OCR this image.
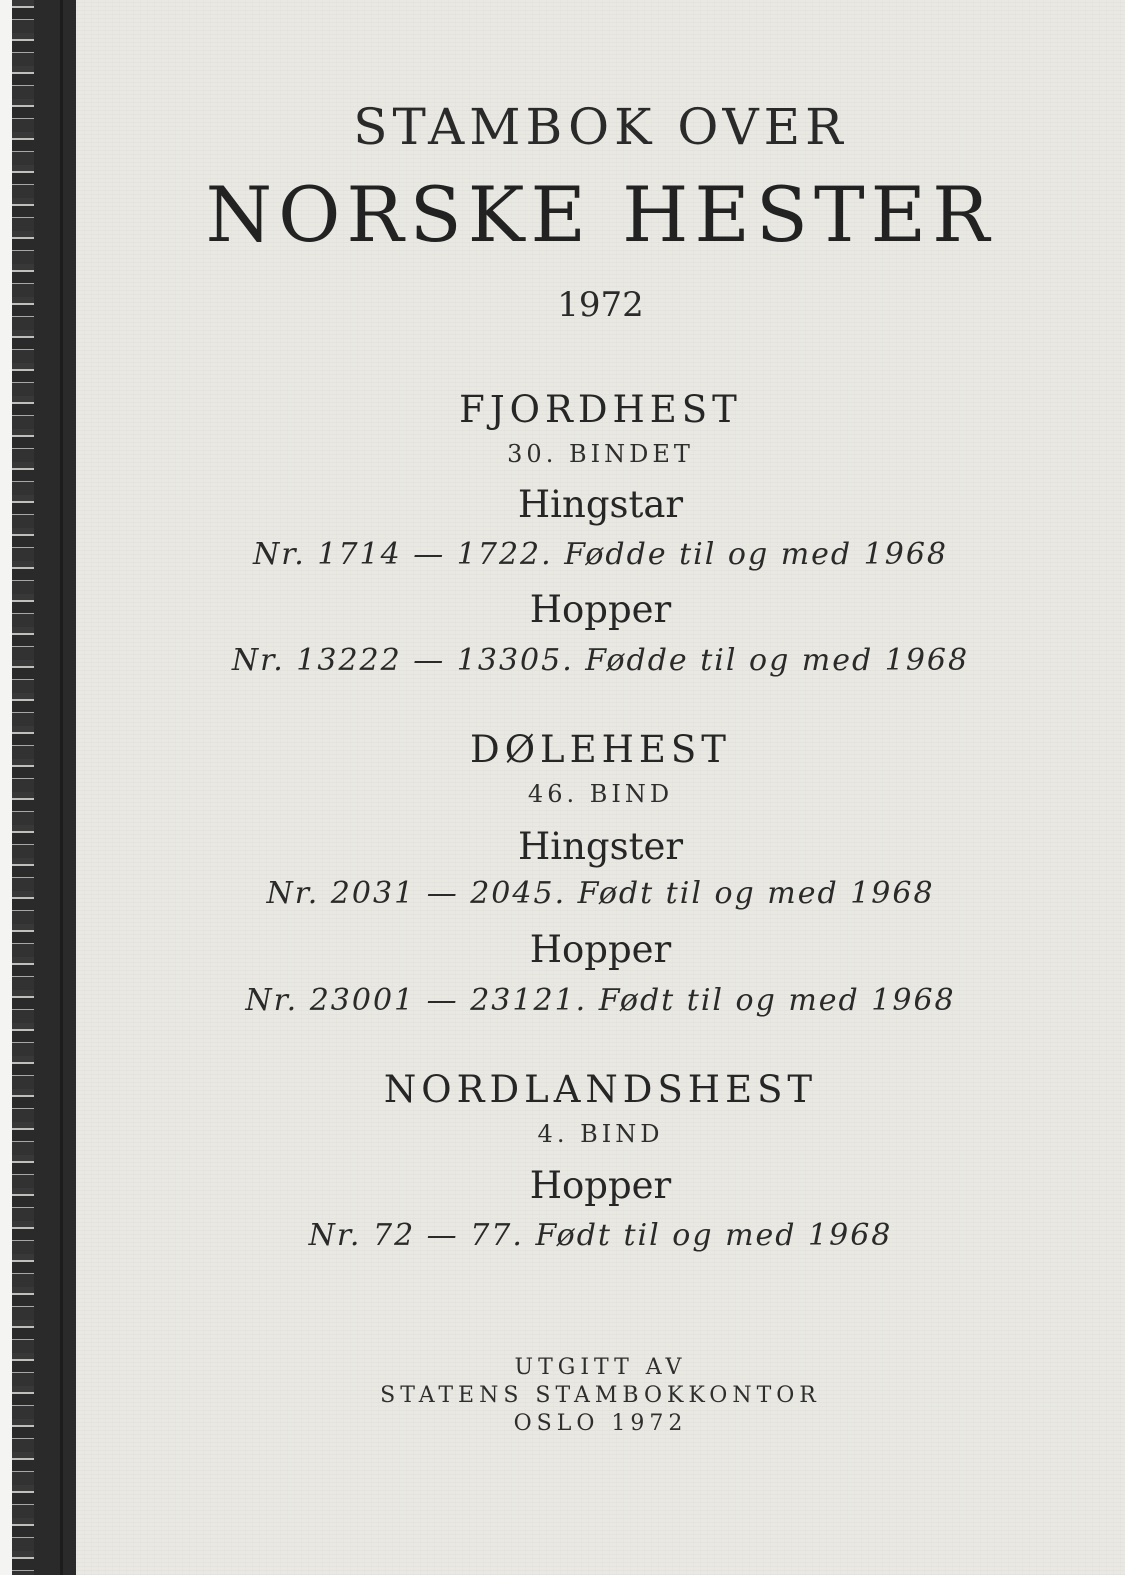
STAMBOK OVER
NORSKE HESTER
1972
FJORDHEST
30. BINDET
Hingstar
Nr. 1714 — 1722. Fødde til og med 1968
Hopper
Nr. 13222 — 13305. Fødde til og med 1968
DØLEHEST
46. BIND
Hingster
Nr. 2031 — 2045. Født til og med 1968
Hopper
Nr. 23001 — 23121. Født til og med 1968
NORDLANDSHEST
4. BIND
Hopper
Nr. 72 — 77. Født til og med 1968
UTGITT AV
STATENS STAMBOKKONTOR
OSLO 1972
